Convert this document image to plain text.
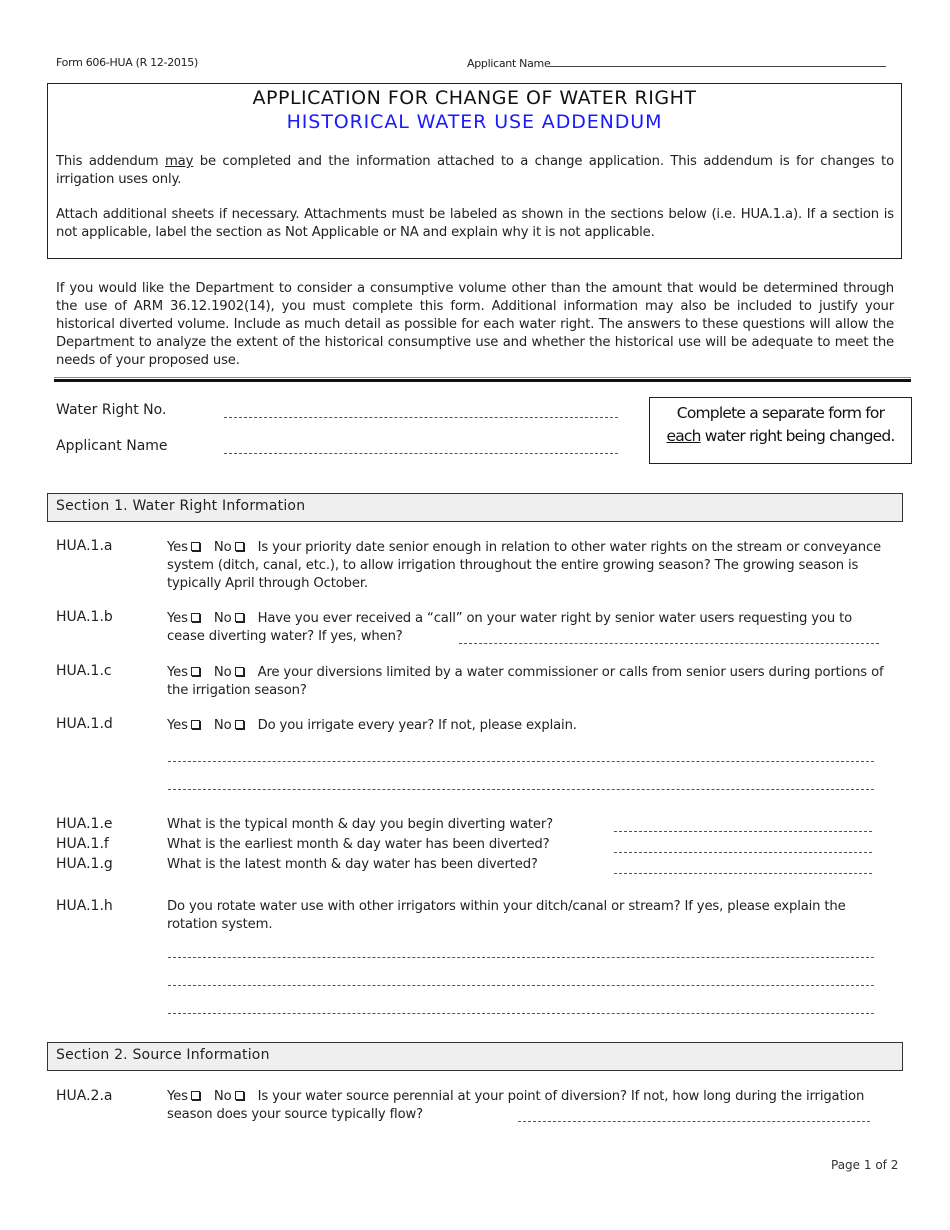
Form 606-HUA (R 12-2015)	Applicant Name
APPLICATION FOR CHANGE OF WATER RIGHT
HISTORICAL WATER USE ADDENDUM
This addendum may be completed and the information attached to a change application. This addendum is for changes to irrigation uses only.
Attach additional sheets if necessary. Attachments must be labeled as shown in the sections below (i.e. HUA.1.a). If a section is not applicable, label the section as Not Applicable or NA and explain why it is not applicable.
If you would like the Department to consider a consumptive volume other than the amount that would be determined through the use of ARM 36.12.1902(14), you must complete this form. Additional information may also be included to justify your historical diverted volume. Include as much detail as possible for each water right. The answers to these questions will allow the Department to analyze the extent of the historical consumptive use and whether the historical use will be adequate to meet the needs of your proposed use.
Water Right No.
Applicant Name
Complete a separate form for
each water right being changed.
Section 1. Water Right Information
HUA.1.a	Yes No Is your priority date senior enough in relation to other water rights on the stream or conveyance system (ditch, canal, etc.), to allow irrigation throughout the entire growing season? The growing season is typically April through October.
HUA.1.b	Yes No Have you ever received a “call” on your water right by senior water users requesting you to cease diverting water? If yes, when?
HUA.1.c	Yes No Are your diversions limited by a water commissioner or calls from senior users during portions of the irrigation season?
HUA.1.d	Yes No Do you irrigate every year? If not, please explain.
HUA.1.e	What is the typical month & day you begin diverting water?
HUA.1.f	What is the earliest month & day water has been diverted?
HUA.1.g	What is the latest month & day water has been diverted?
HUA.1.h	Do you rotate water use with other irrigators within your ditch/canal or stream? If yes, please explain the rotation system.
Section 2. Source Information
HUA.2.a	Yes No Is your water source perennial at your point of diversion? If not, how long during the irrigation season does your source typically flow?
Page 1 of 2
